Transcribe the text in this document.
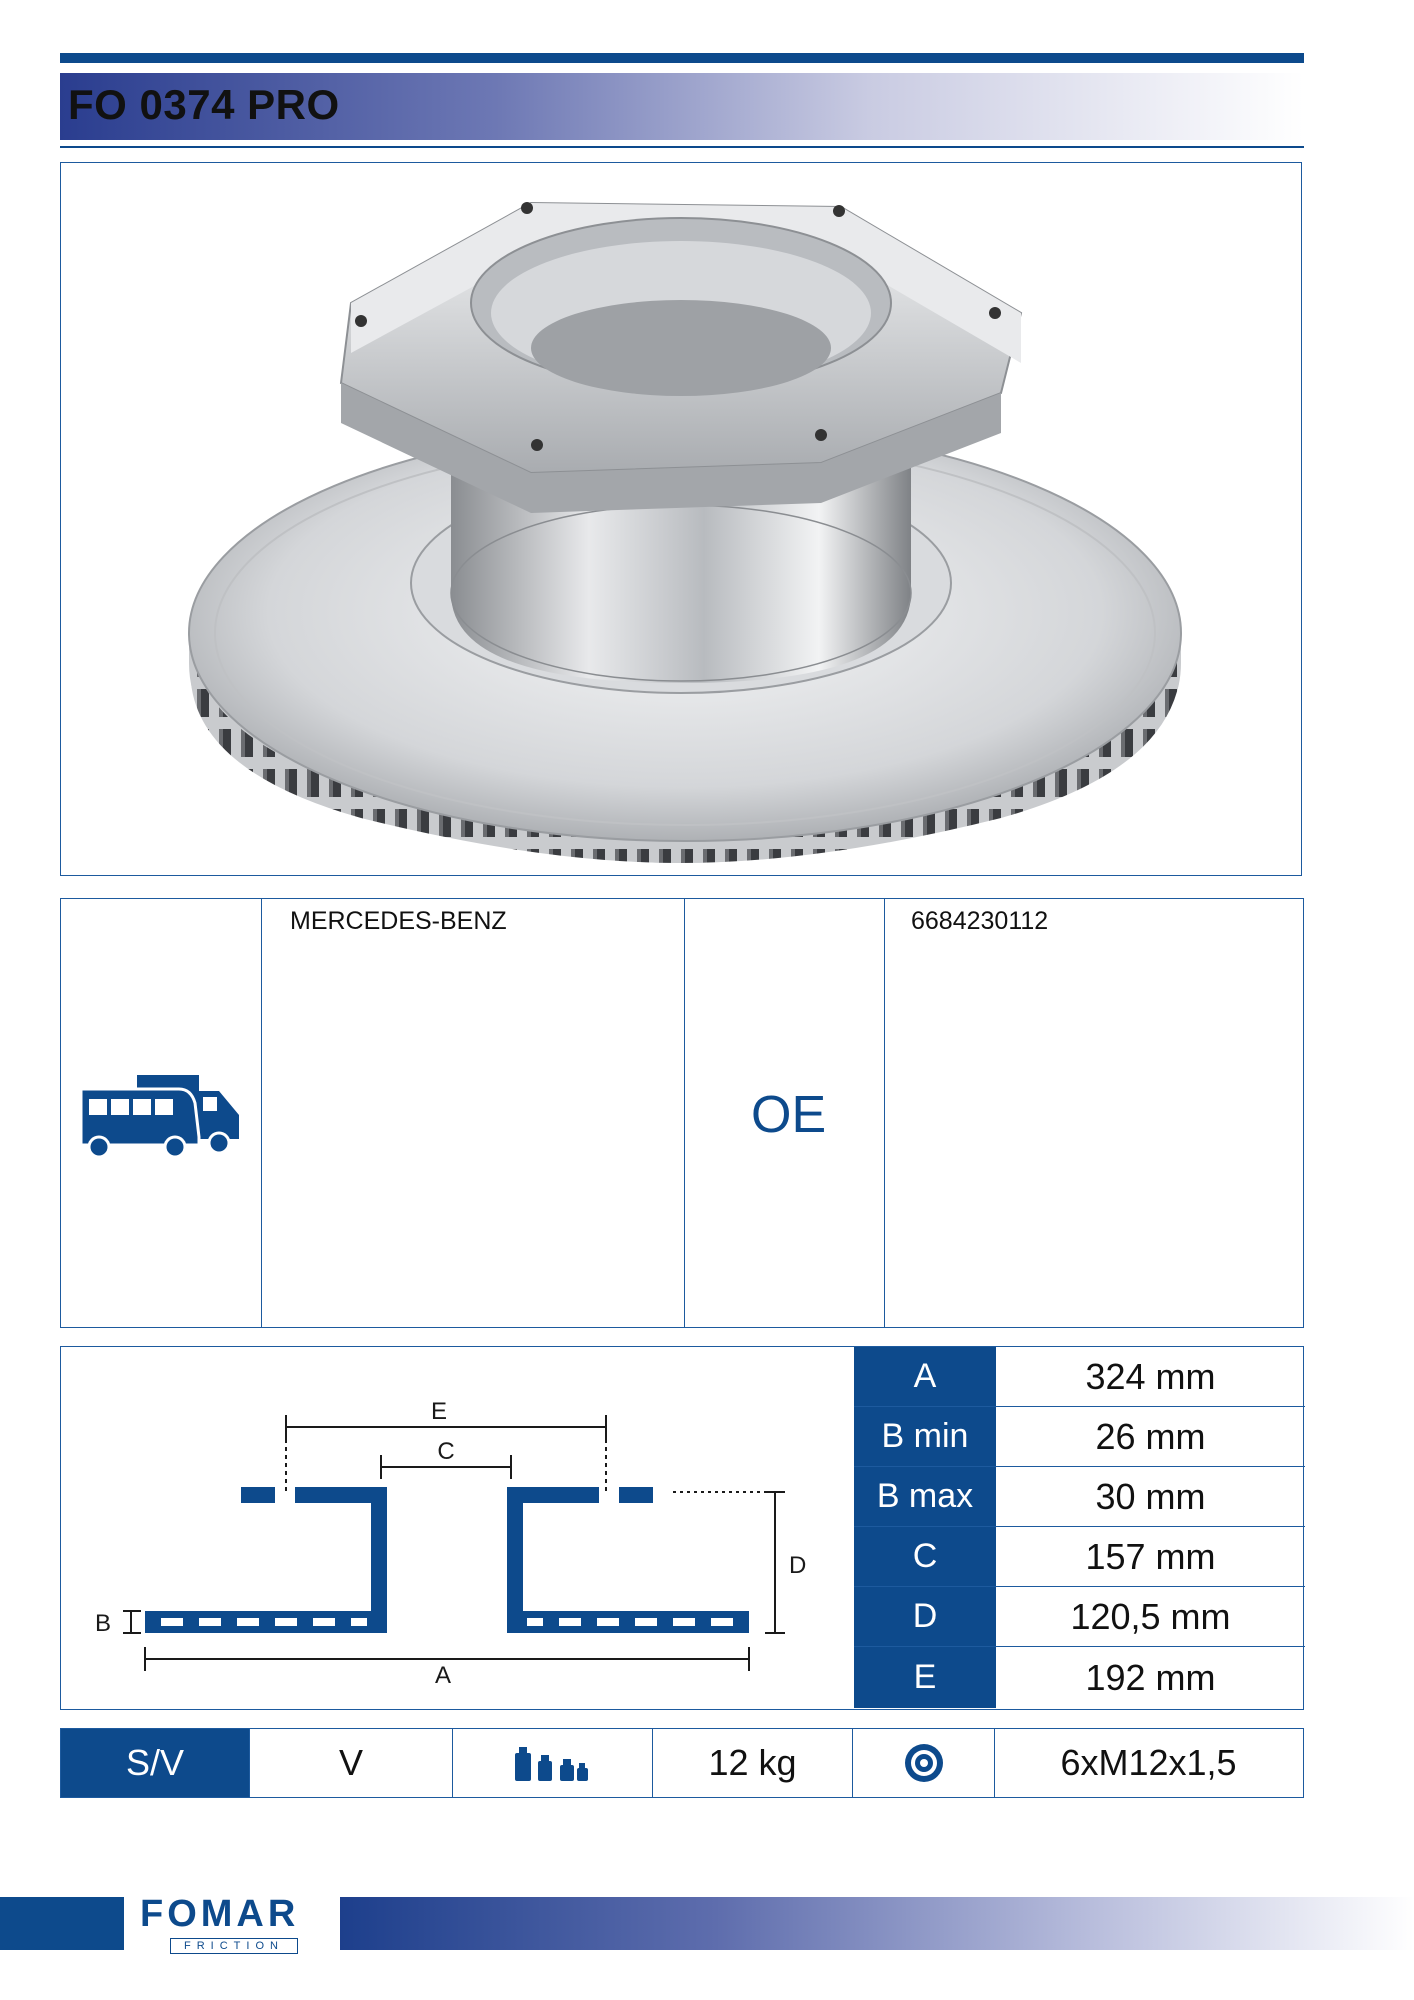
FO 0374 PRO
MERCEDES-BENZ
OE
6684230112
E
C
D
A
B
A	324 mm
B min	26 mm
B max	30 mm
C	157 mm
D	120,5 mm
E	192 mm
S/V	V	12 kg	6xM12x1,5
FOMAR
FRICTION
